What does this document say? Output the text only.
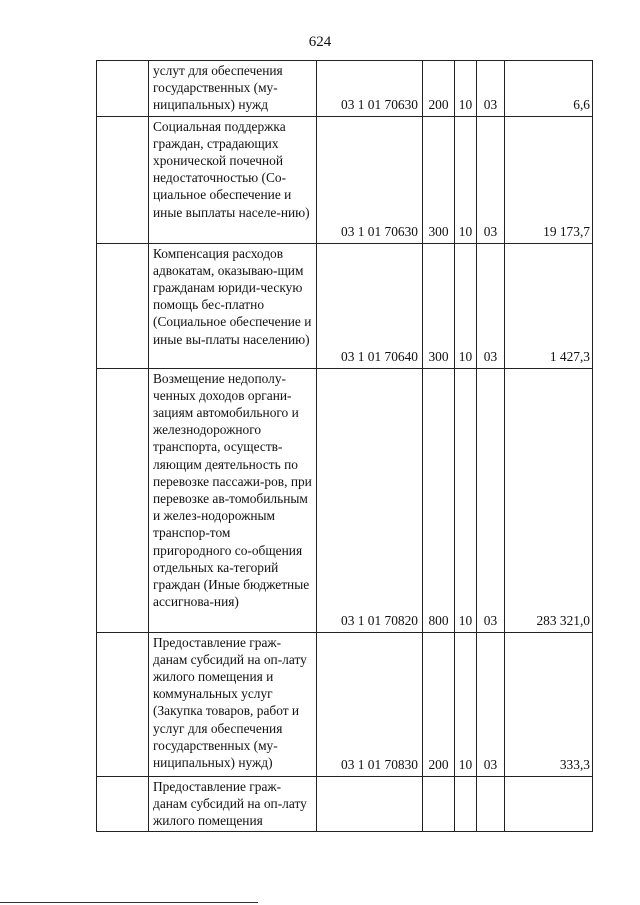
624
	услут для обеспечения государственных (му-ниципальных) нужд	03 1 01 70630	200	10	03	6,6
	Социальная поддержка граждан, страдающих хронической почечной недостаточностью (Со-циальное обеспечение и иные выплаты населе-нию)	03 1 01 70630	300	10	03	19 173,7
	Компенсация расходов адвокатам, оказываю-щим гражданам юриди-ческую помощь бес-платно (Социальное обеспечение и иные вы-платы населению)	03 1 01 70640	300	10	03	1 427,3
	Возмещение недополу-ченных доходов органи-зациям автомобильного и железнодорожного транспорта, осуществ-ляющим деятельность по перевозке пассажи-ров, при перевозке ав-томобильным и желез-нодорожным транспор-том пригородного со-общения отдельных ка-тегорий граждан (Иные бюджетные ассигнова-ния)	03 1 01 70820	800	10	03	283 321,0
	Предоставление граж-данам субсидий на оп-лату жилого помещения и коммунальных услуг (Закупка товаров, работ и услуг для обеспечения государственных (му-ниципальных) нужд)	03 1 01 70830	200	10	03	333,3
	Предоставление граж-данам субсидий на оп-лату жилого помещения					
